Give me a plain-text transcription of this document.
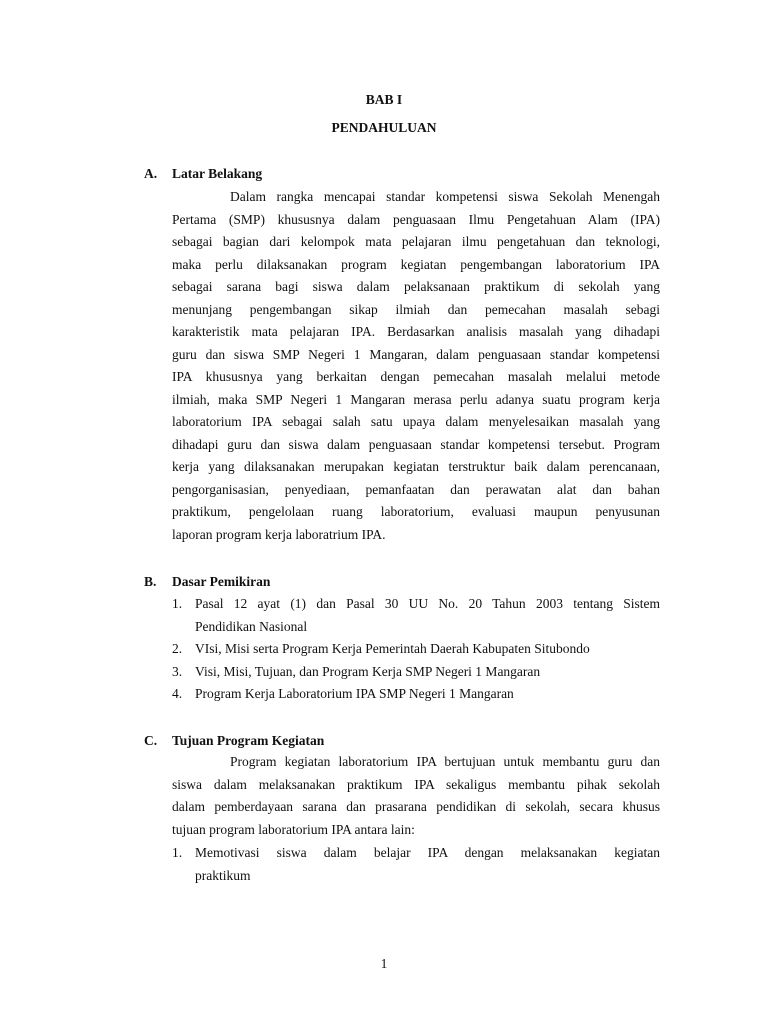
BAB I
PENDAHULUAN
A. Latar Belakang
Dalam rangka mencapai standar kompetensi siswa Sekolah Menengah
Pertama (SMP) khususnya dalam penguasaan Ilmu Pengetahuan Alam (IPA)
sebagai bagian dari kelompok mata pelajaran ilmu pengetahuan dan teknologi,
maka perlu dilaksanakan program kegiatan pengembangan laboratorium IPA
sebagai sarana bagi siswa dalam pelaksanaan praktikum di sekolah yang
menunjang pengembangan sikap ilmiah dan pemecahan masalah sebagi
karakteristik mata pelajaran IPA. Berdasarkan analisis masalah yang dihadapi
guru dan siswa SMP Negeri 1 Mangaran, dalam penguasaan standar kompetensi
IPA khususnya yang berkaitan dengan pemecahan masalah melalui metode
ilmiah, maka SMP Negeri 1 Mangaran merasa perlu adanya suatu program kerja
laboratorium IPA sebagai salah satu upaya dalam menyelesaikan masalah yang
dihadapi guru dan siswa dalam penguasaan standar kompetensi tersebut. Program
kerja yang dilaksanakan merupakan kegiatan terstruktur baik dalam perencanaan,
pengorganisasian, penyediaan, pemanfaatan dan perawatan alat dan bahan
praktikum, pengelolaan ruang laboratorium, evaluasi maupun penyusunan
laporan program kerja laboratrium IPA.
B. Dasar Pemikiran
1. Pasal 12 ayat (1) dan Pasal 30 UU No. 20 Tahun 2003 tentang Sistem
Pendidikan Nasional
2. VIsi, Misi serta Program Kerja Pemerintah Daerah Kabupaten Situbondo
3. Visi, Misi, Tujuan, dan Program Kerja SMP Negeri 1 Mangaran
4. Program Kerja Laboratorium IPA SMP Negeri 1 Mangaran
C. Tujuan Program Kegiatan
Program kegiatan laboratorium IPA bertujuan untuk membantu guru dan
siswa dalam melaksanakan praktikum IPA sekaligus membantu pihak sekolah
dalam pemberdayaan sarana dan prasarana pendidikan di sekolah, secara khusus
tujuan program laboratorium IPA antara lain:
1. Memotivasi siswa dalam belajar IPA dengan melaksanakan kegiatan
praktikum
1
